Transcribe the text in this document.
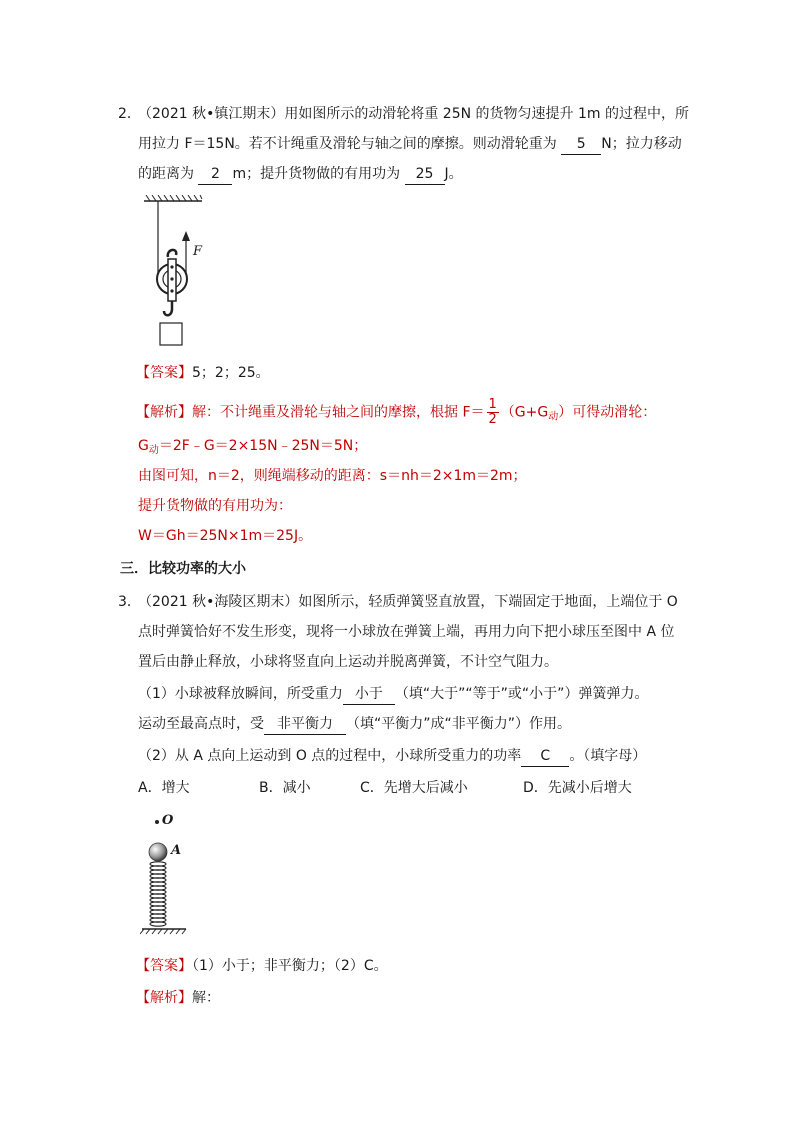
2．
（2021 秋•镇江期末）用如图所示的动滑轮将重 25N 的货物匀速提升 1m 的过程中，所
用拉力 F＝15N。若不计绳重及滑轮与轴之间的摩擦。则动滑轮重为 5 N；拉力移动
的距离为 2 m；提升货物做的有用功为 25 J。
F
【答案】5；2；25。
【解析】解：不计绳重及滑轮与轴之间的摩擦，根据 $F= \frac{1}{2} (G+G_动)$可得动滑轮：
$G_动=2F﹣G=2\times 15N﹣25N=5N$；
由图可知，n＝2，则绳端移动的距离：s＝nh＝2×1m＝2m；
提升货物做的有用功为：
W＝Gh＝25N×1m＝25J。
三．比较功率的大小
3．
（2021 秋•海陵区期末）如图所示，轻质弹簧竖直放置，下端固定于地面，上端位于 O
点时弹簧恰好不发生形变，现将一小球放在弹簧上端，再用力向下把小球压至图中 A 位
置后由静止释放，小球将竖直向上运动并脱离弹簧，不计空气阻力。
（1）小球被释放瞬间，所受重力 小于 （填“大于”“等于”或“小于”）弹簧弹力。
运动至最高点时，受 非平衡力 （填“平衡力”成“非平衡力”）作用。
（2）从 A 点向上运动到 O 点的过程中，小球所受重力的功率 C 。（填字母）
A．增大	B．减小	C．先增大后减小	D．先减小后增大
O
A
【答案】（1）小于；非平衡力；（2）C。
【解析】解：
